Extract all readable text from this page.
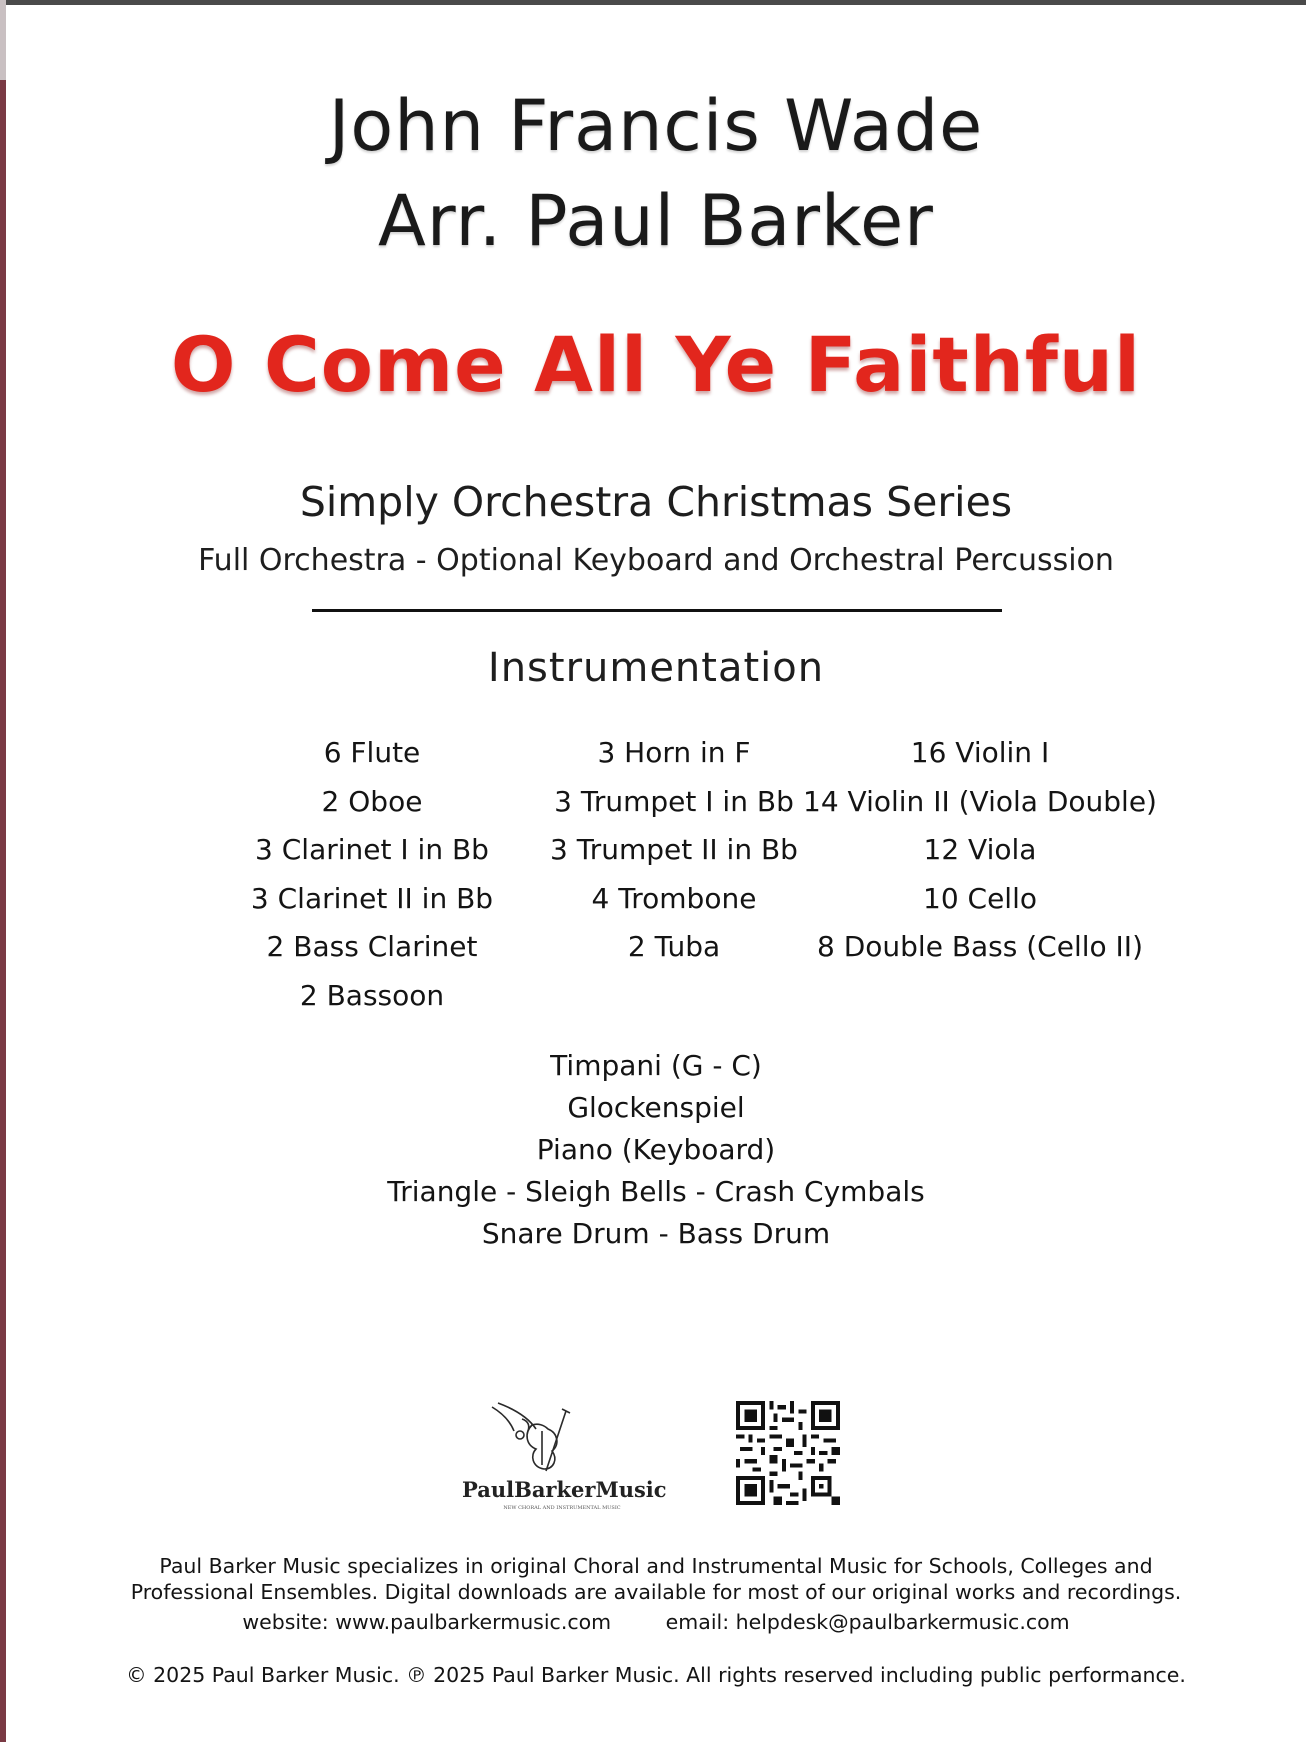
John Francis Wade
Arr. Paul Barker
O Come All Ye Faithful
Simply Orchestra Christmas Series
Full Orchestra - Optional Keyboard and Orchestral Percussion
Instrumentation
6 Flute
2 Oboe
3 Clarinet I in Bb
3 Clarinet II in Bb
2 Bass Clarinet
2 Bassoon
3 Horn in F
3 Trumpet I in Bb
3 Trumpet II in Bb
4 Trombone
2 Tuba
16 Violin I
14 Violin II (Viola Double)
12 Viola
10 Cello
8 Double Bass (Cello II)
Timpani (G - C)
Glockenspiel
Piano (Keyboard)
Triangle - Sleigh Bells - Crash Cymbals
Snare Drum - Bass Drum
PaulBarkerMusic
NEW CHORAL AND INSTRUMENTAL MUSIC
Paul Barker Music specializes in original Choral and Instrumental Music for Schools, Colleges and
Professional Ensembles. Digital downloads are available for most of our original works and recordings.
website: www.paulbarkermusic.com	email: helpdesk@paulbarkermusic.com
© 2025 Paul Barker Music. ℗ 2025 Paul Barker Music. All rights reserved including public performance.
